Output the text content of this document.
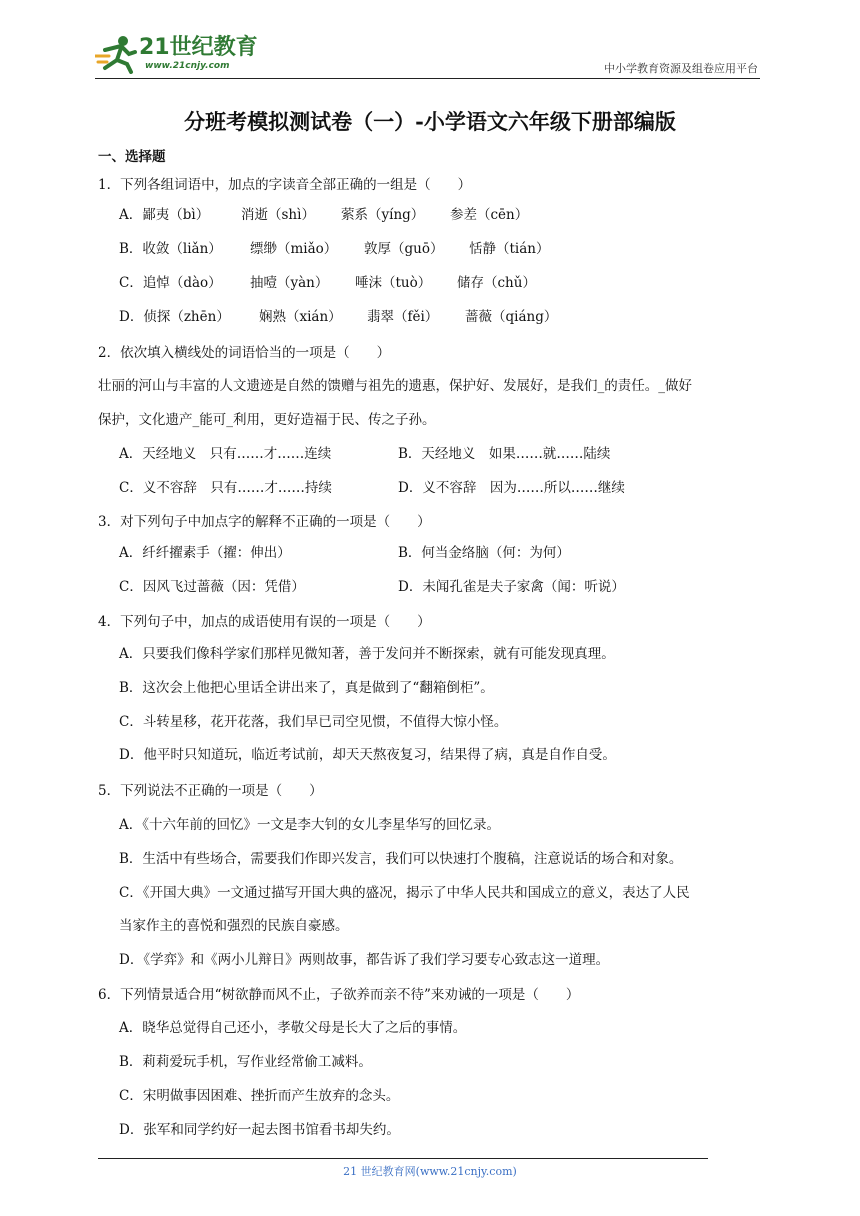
21世纪教育
www.21cnjy.com	中小学教育资源及组卷应用平台
分班考模拟测试卷（一）-小学语文六年级下册部编版
一、选择题
1．下列各组词语中，加点的字读音全部正确的一组是（　　）
A．鄙夷（bì） 消逝（shì） 萦系（yíng） 参差（cēn）
B．收敛（liǎn） 缥缈（miǎo） 敦厚（guō） 恬静（tián）
C．追悼（dào） 抽噎（yàn） 唾沫（tuò） 储存（chǔ）
D．侦探（zhēn） 娴熟（xián） 翡翠（fěi） 蔷薇（qiáng）
2．依次填入横线处的词语恰当的一项是（　　）
壮丽的河山与丰富的人文遗迹是自然的馈赠与祖先的遗惠，保护好、发展好，是我们_的责任。_做好
保护，文化遗产_能可_利用，更好造福于民、传之子孙。
A．天经地义　只有……才……连续	B．天经地义　如果……就……陆续
C．义不容辞　只有……才……持续	D．义不容辞　因为……所以……继续
3．对下列句子中加点字的解释不正确的一项是（　　）
A．纤纤擢素手（擢：伸出）	B．何当金络脑（何：为何）
C．因风飞过蔷薇（因：凭借）	D．未闻孔雀是夫子家禽（闻：听说）
4．下列句子中，加点的成语使用有误的一项是（　　）
A．只要我们像科学家们那样见微知著，善于发问并不断探索，就有可能发现真理。
B．这次会上他把心里话全讲出来了，真是做到了“翻箱倒柜”。
C．斗转星移，花开花落，我们早已司空见惯，不值得大惊小怪。
D．他平时只知道玩，临近考试前，却天天熬夜复习，结果得了病，真是自作自受。
5．下列说法不正确的一项是（　　）
A．《十六年前的回忆》一文是李大钊的女儿李星华写的回忆录。
B．生活中有些场合，需要我们作即兴发言，我们可以快速打个腹稿，注意说话的场合和对象。
C．《开国大典》一文通过描写开国大典的盛况，揭示了中华人民共和国成立的意义，表达了人民
当家作主的喜悦和强烈的民族自豪感。
D．《学弈》和《两小儿辩日》两则故事，都告诉了我们学习要专心致志这一道理。
6．下列情景适合用“树欲静而风不止，子欲养而亲不待”来劝诫的一项是（　　）
A．晓华总觉得自己还小，孝敬父母是长大了之后的事情。
B．莉莉爱玩手机，写作业经常偷工减料。
C．宋明做事因困难、挫折而产生放弃的念头。
D．张军和同学约好一起去图书馆看书却失约。
21 世纪教育网(www.21cnjy.com)
